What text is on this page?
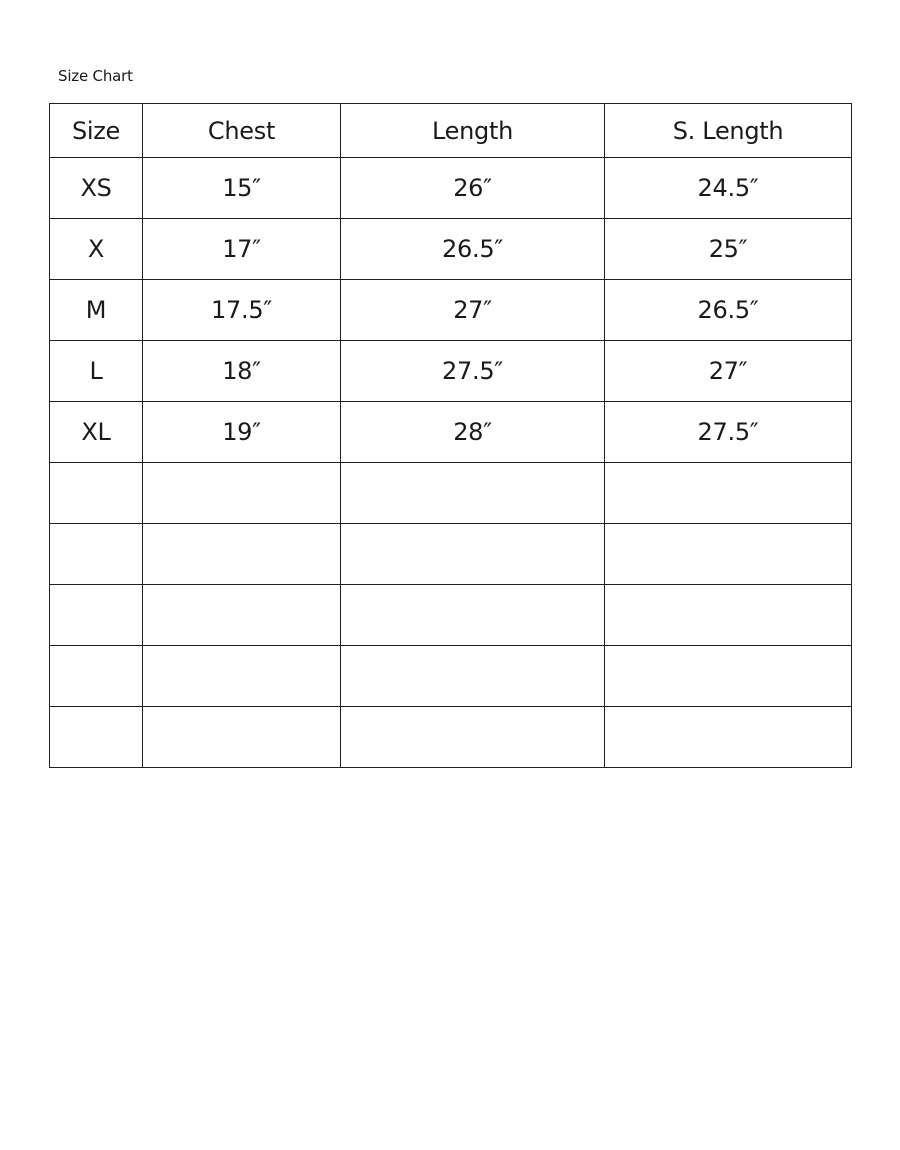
Size Chart
Size	Chest	Length	S. Length
XS	15″	26″	24.5″
X	17″	26.5″	25″
M	17.5″	27″	26.5″
L	18″	27.5″	27″
XL	19″	28″	27.5″
